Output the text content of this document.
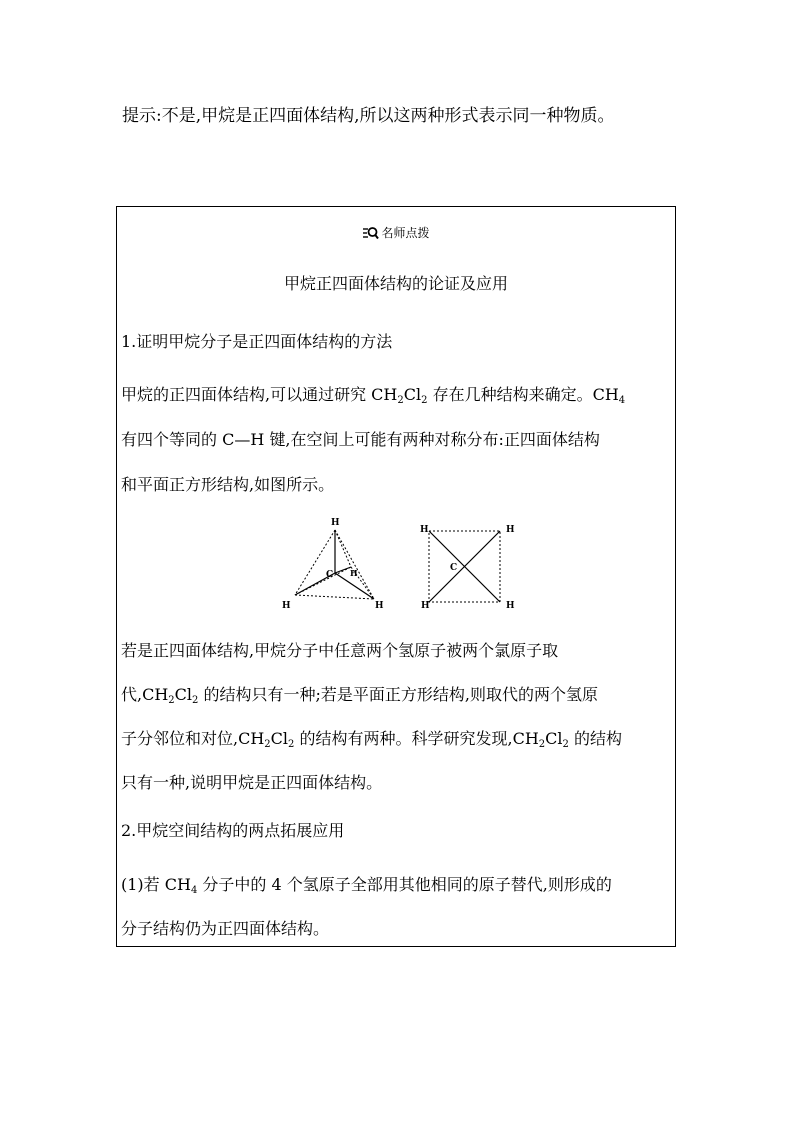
提示:不是,甲烷是正四面体结构,所以这两种形式表示同一种物质。
名师点拨
甲烷正四面体结构的论证及应用
1.证明甲烷分子是正四面体结构的方法
甲烷的正四面体结构,可以通过研究 $CH_2Cl_2$ 存在几种结构来确定。$CH_4$
有四个等同的 C—H 键,在空间上可能有两种对称分布:正四面体结构
和平面正方形结构,如图所示。
H
C H
H	H
H	H
H	H
C
若是正四面体结构,甲烷分子中任意两个氢原子被两个氯原子取
代$,CH_2Cl_2$ 的结构只有一种;若是平面正方形结构,则取代的两个氢原
子分邻位和对位$,CH_2Cl_2$ 的结构有两种。科学研究发现$,CH_2Cl_2$ 的结构
只有一种,说明甲烷是正四面体结构。
2.甲烷空间结构的两点拓展应用
(1)若 $CH_4$ 分子中的 4 个氢原子全部用其他相同的原子替代,则形成的
分子结构仍为正四面体结构。
